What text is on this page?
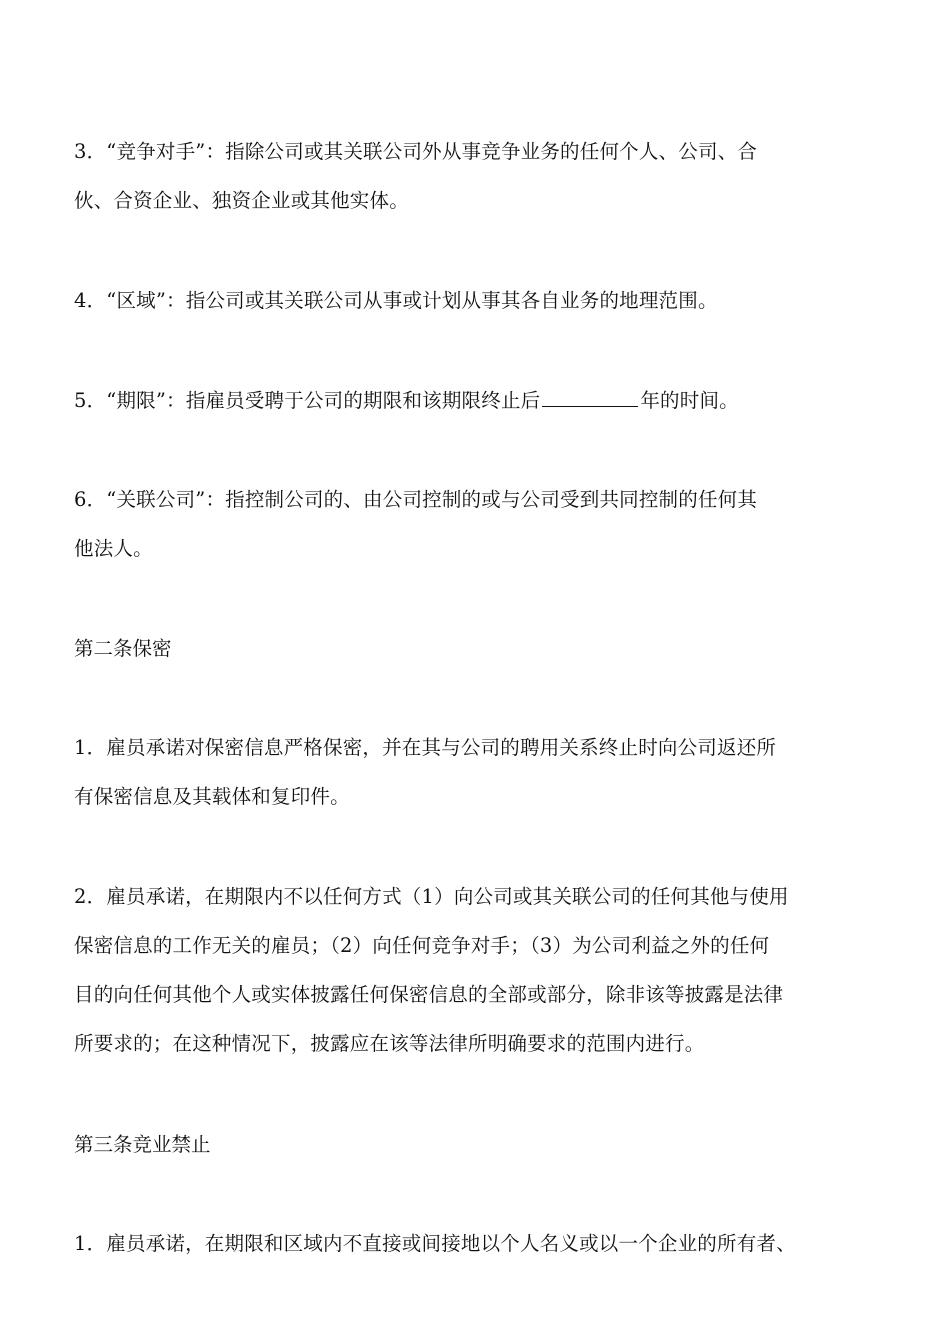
3．“竞争对手”：指除公司或其关联公司外从事竞争业务的任何个人、公司、合
伙、合资企业、独资企业或其他实体。

4．“区域”：指公司或其关联公司从事或计划从事其各自业务的地理范围。

5．“期限”：指雇员受聘于公司的期限和该期限终止后	年的时间。

6．“关联公司”：指控制公司的、由公司控制的或与公司受到共同控制的任何其
他法人。

第二条保密

1．雇员承诺对保密信息严格保密，并在其与公司的聘用关系终止时向公司返还所
有保密信息及其载体和复印件。

2．雇员承诺，在期限内不以任何方式（1）向公司或其关联公司的任何其他与使用
保密信息的工作无关的雇员；（2）向任何竞争对手；（3）为公司利益之外的任何
目的向任何其他个人或实体披露任何保密信息的全部或部分，除非该等披露是法律
所要求的；在这种情况下，披露应在该等法律所明确要求的范围内进行。

第三条竞业禁止

1．雇员承诺，在期限和区域内不直接或间接地以个人名义或以一个企业的所有者、
